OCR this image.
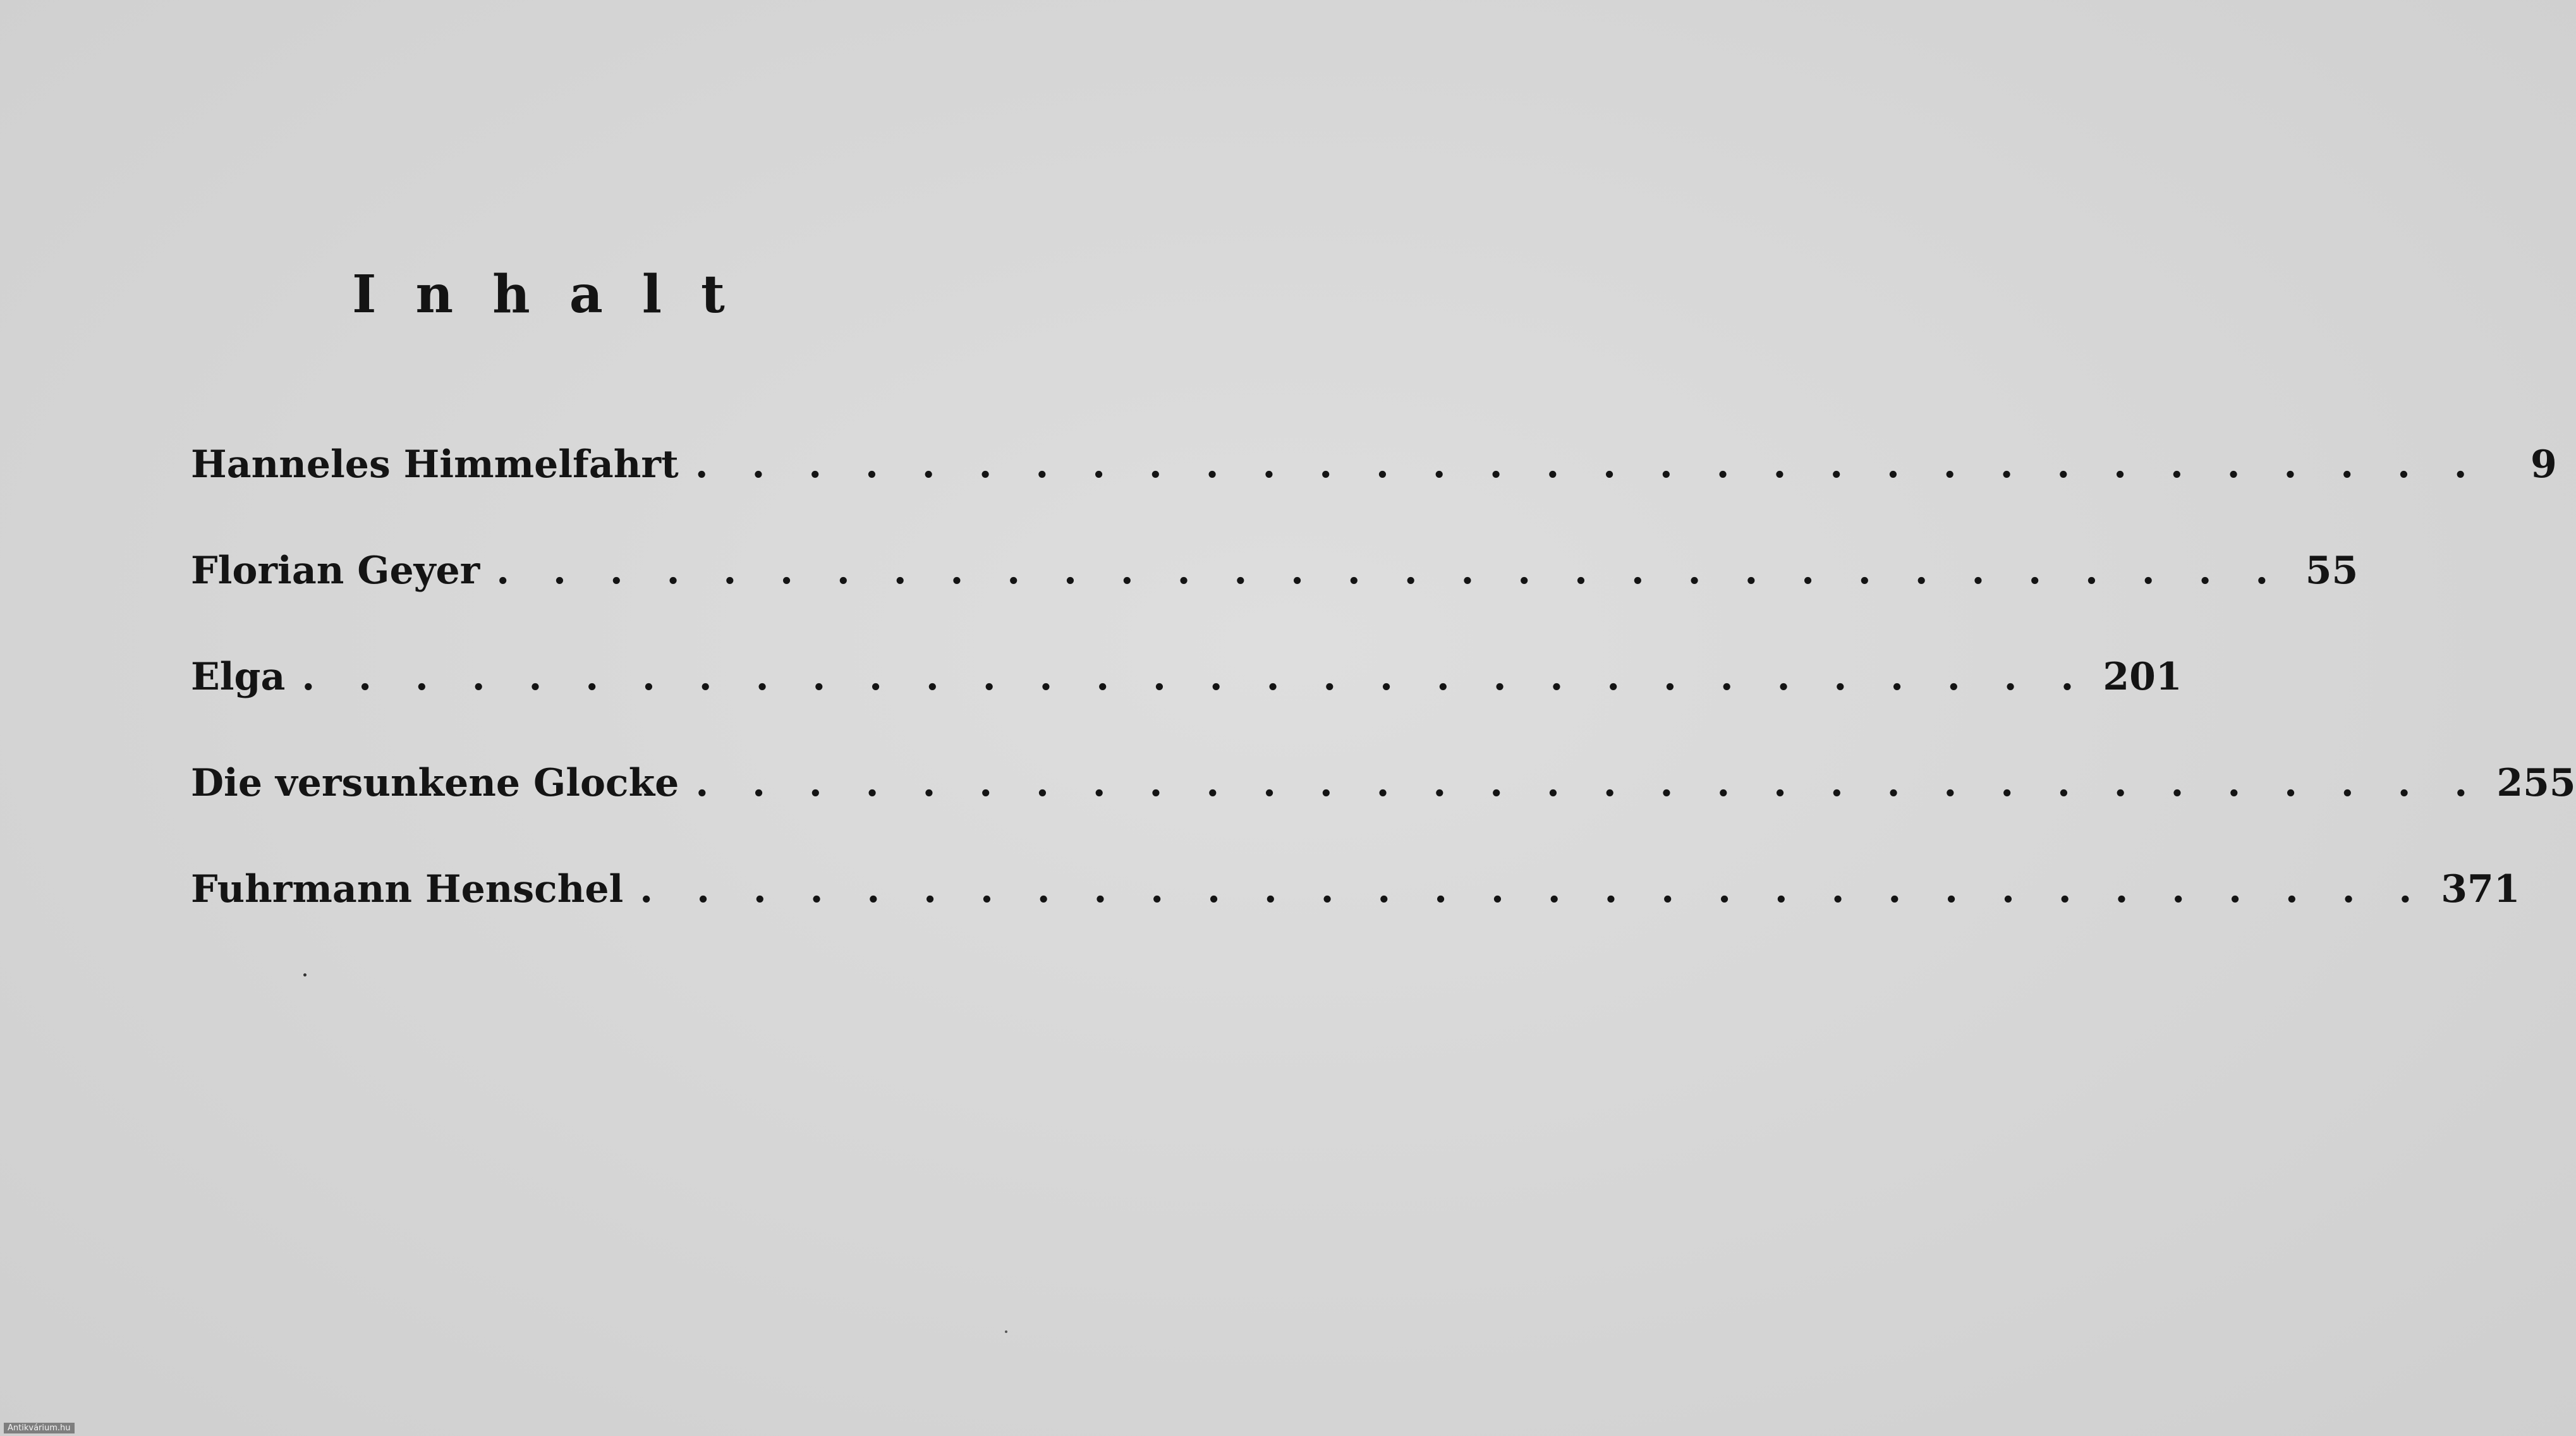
Inhalt
Hanneles Himmelfahrt . . . . . . . . . . . . . . . . . . . . . . . . . . . . . . . .	9
Florian Geyer . . . . . . . . . . . . . . . . . . . . . . . . . . . . . . . . 55
Elga . . . . . . . . . . . . . . . . . . . . . . . . . . . . . . . . 201
Die versunkene Glocke . . . . . . . . . . . . . . . . . . . . . . . . . . . . . . . . 255
Fuhrmann Henschel . . . . . . . . . . . . . . . . . . . . . . . . . . . . . . . . 371
Antikvárium.hu
